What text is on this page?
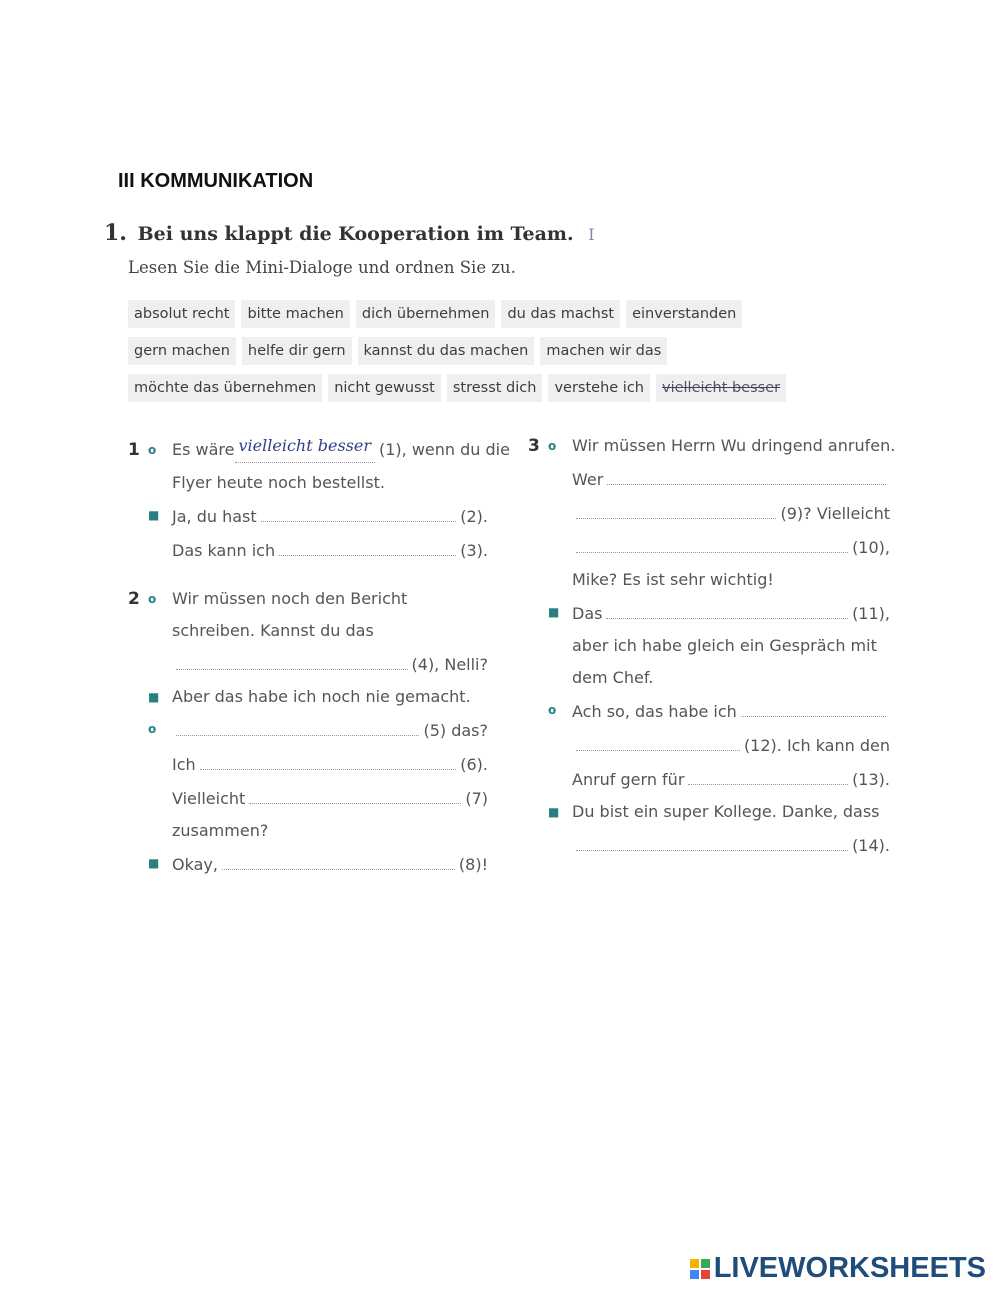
III KOMMUNIKATION
1. Bei uns klappt die Kooperation im Team. I
Lesen Sie die Mini-Dialoge und ordnen Sie zu.
absolut recht	bitte machen	dich übernehmen	du das machst	einverstanden
gern machen	helfe dir gern	kannst du das machen	machen wir das
möchte das übernehmen	nicht gewusst	stresst dich	verstehe ich	vielleicht besser
1 o Es wäre vielleicht besser (1), wenn du die
Flyer heute noch bestellst.
■ Ja, du hast	(2).
Das kann ich	(3).
2 o Wir müssen noch den Bericht
schreiben. Kannst du das
(4), Nelli?
■ Aber das habe ich noch nie gemacht.
o	(5) das?
Ich	(6).
Vielleicht	(7)
zusammen?
■ Okay,	(8)!
3 o Wir müssen Herrn Wu dringend anrufen.
Wer
(9)? Vielleicht
(10),
Mike? Es ist sehr wichtig!
■ Das	(11),
aber ich habe gleich ein Gespräch mit
dem Chef.
o Ach so, das habe ich
(12). Ich kann den
Anruf gern für	(13).
■ Du bist ein super Kollege. Danke, dass
(14).
LIVEWORKSHEETS
